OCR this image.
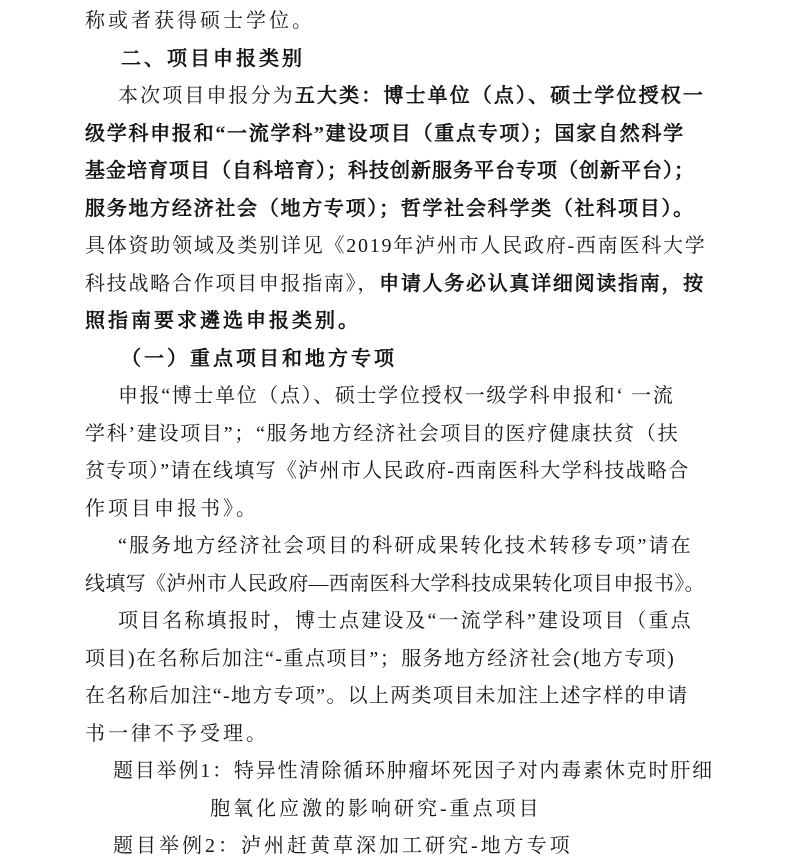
称或者获得硕士学位。
二、项目申报类别
本次项目申报分为五大类：博士单位（点）、硕士学位授权一
级学科申报和“一流学科”建设项目（重点专项）；国家自然科学
基金培育项目（自科培育）；科技创新服务平台专项（创新平台）；
服务地方经济社会（地方专项）；哲学社会科学类（社科项目）。
具体资助领域及类别详见《2019年泸州市人民政府-西南医科大学
科技战略合作项目申报指南》，申请人务必认真详细阅读指南，按
照指南要求遴选申报类别。
（一）重点项目和地方专项
申报“博士单位（点）、硕士学位授权一级学科申报和‘ 一流
学科’建设项目”；“服务地方经济社会项目的医疗健康扶贫（扶
贫专项）”请在线填写《泸州市人民政府-西南医科大学科技战略合
作项目申报书》。
“服务地方经济社会项目的科研成果转化技术转移专项”请在
线填写《泸州市人民政府—西南医科大学科技成果转化项目申报书》。
项目名称填报时，博士点建设及“一流学科”建设项目（重点
项目)在名称后加注“-重点项目”；服务地方经济社会(地方专项)
在名称后加注“-地方专项”。以上两类项目未加注上述字样的申请
书一律不予受理。
题目举例1：特异性清除循环肿瘤坏死因子对内毒素休克时肝细
胞氧化应激的影响研究-重点项目
题目举例2：泸州赶黄草深加工研究-地方专项
